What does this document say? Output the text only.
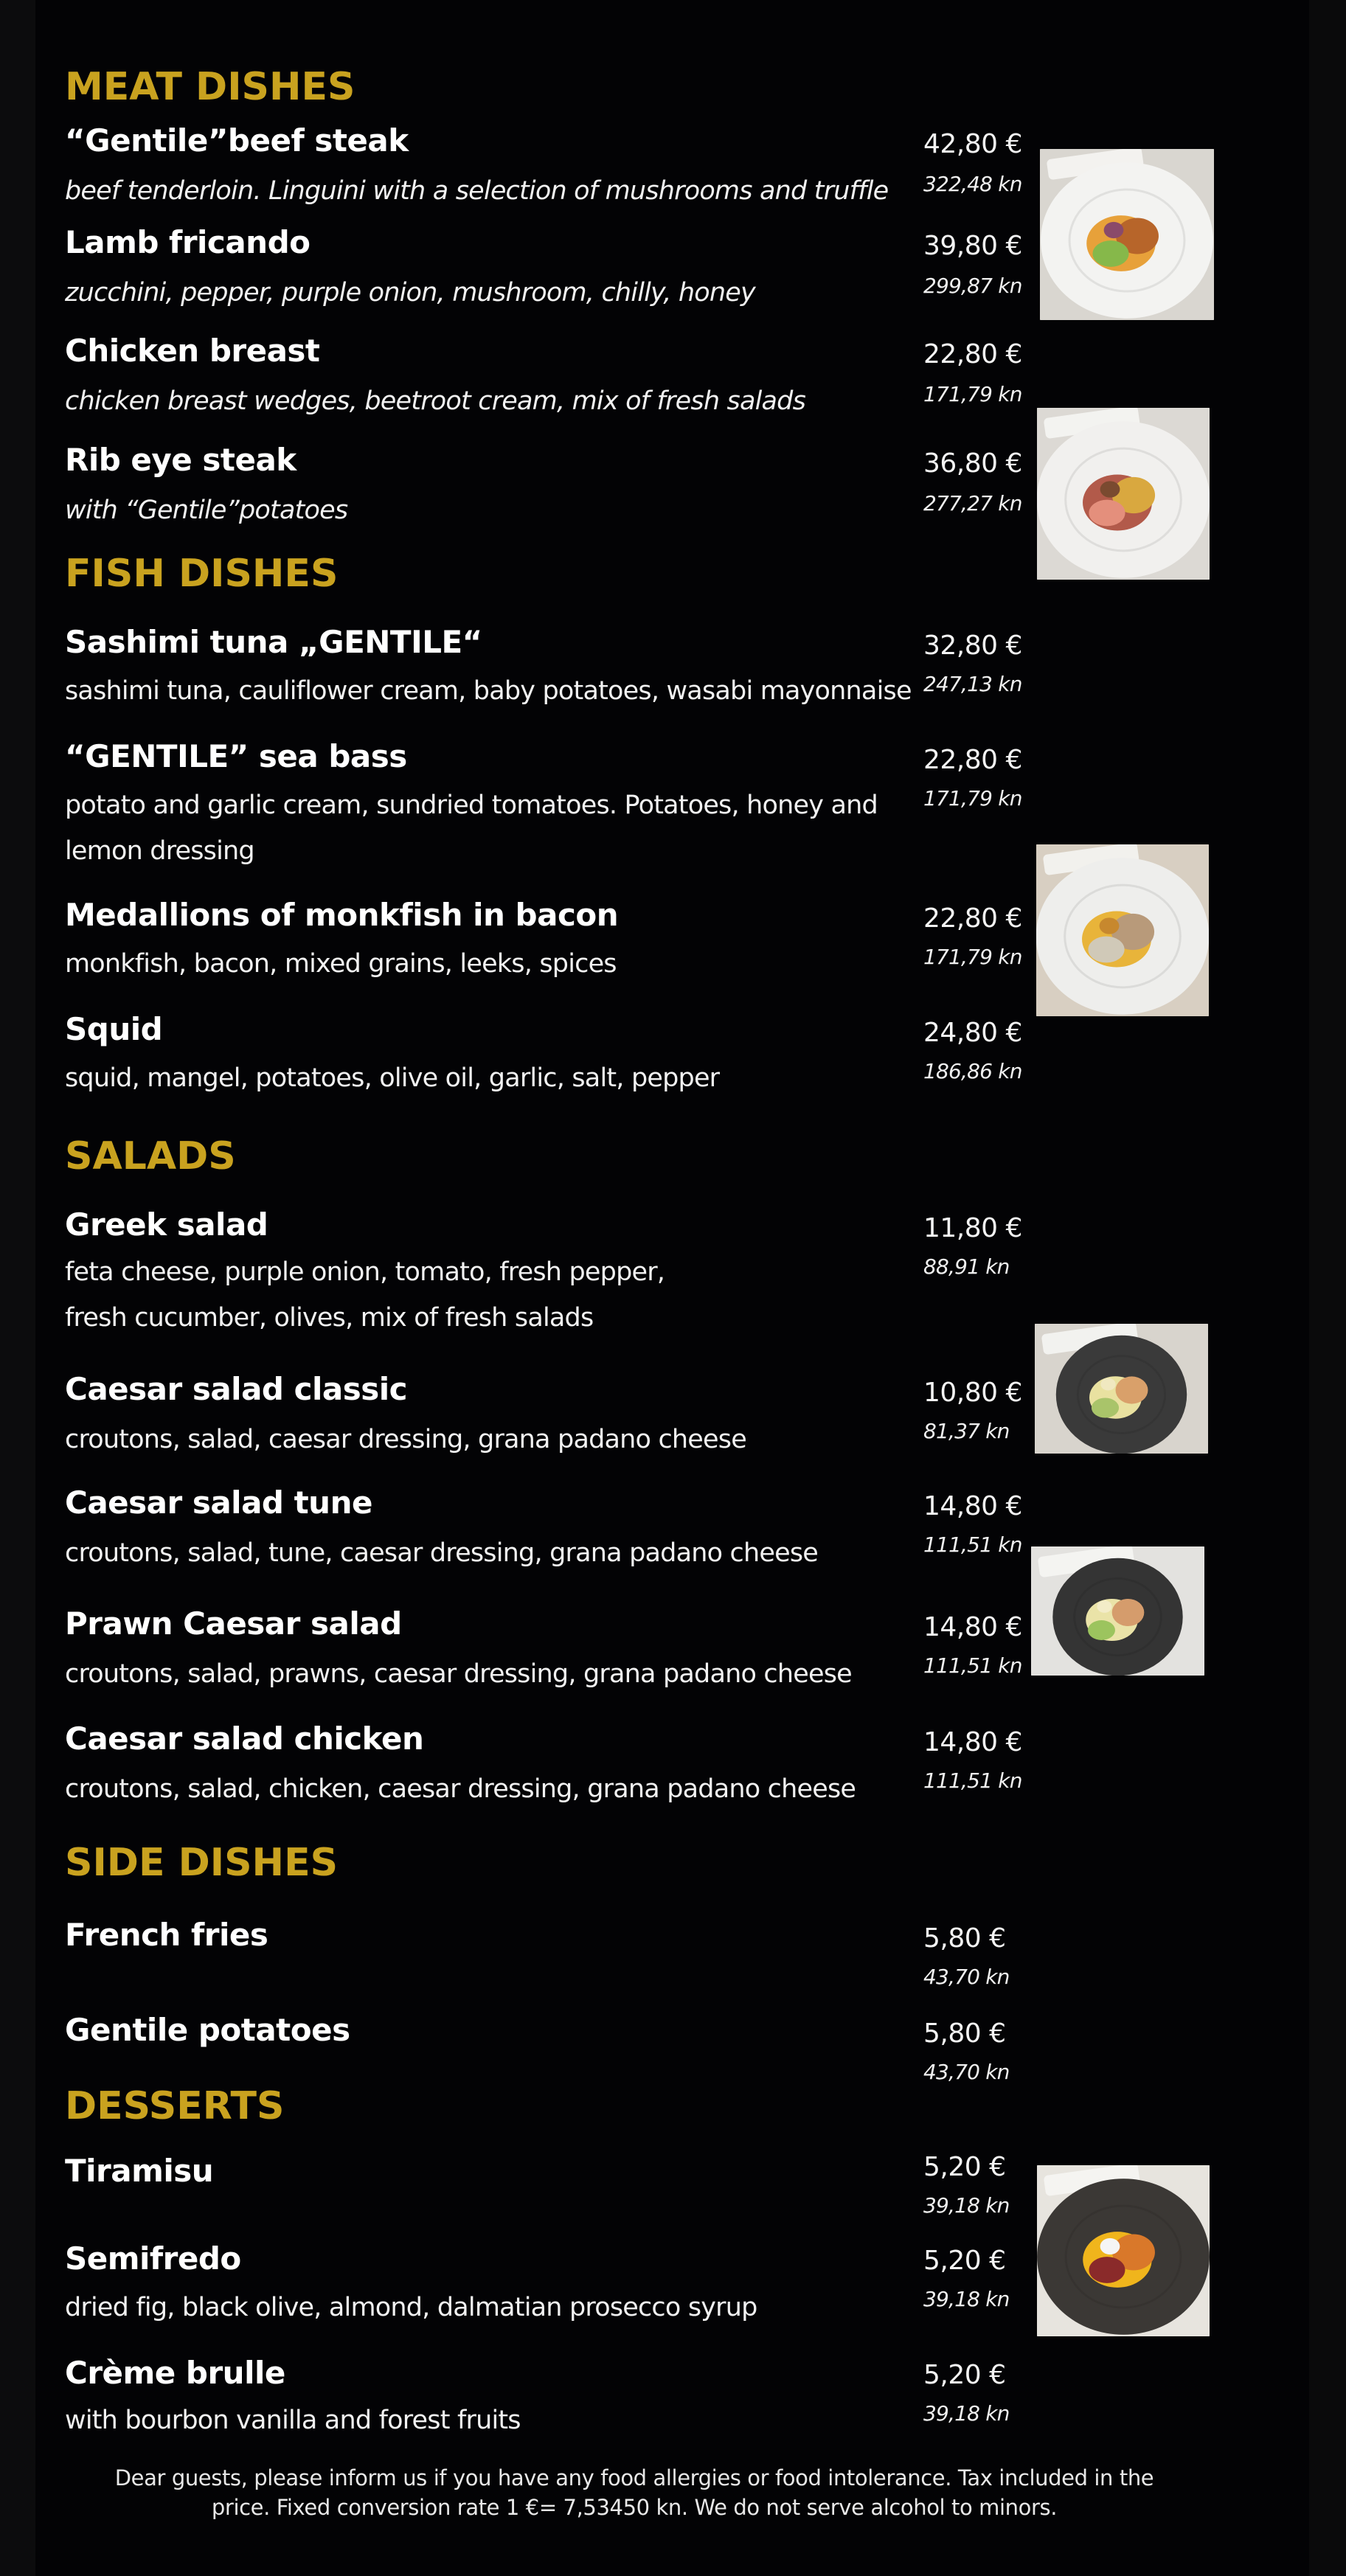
MEAT DISHES
“Gentile”beef steak
beef tenderloin. Linguini with a selection of mushrooms and truffle
42,80 €
322,48 kn
Lamb fricando
zucchini, pepper, purple onion, mushroom, chilly, honey
39,80 €
299,87 kn
Chicken breast
chicken breast wedges, beetroot cream, mix of fresh salads
22,80 €
171,79 kn
Rib eye steak
with “Gentile”potatoes
36,80 €
277,27 kn
FISH DISHES
Sashimi tuna „GENTILE“
sashimi tuna, cauliflower cream, baby potatoes, wasabi mayonnaise
32,80 €
247,13 kn
“GENTILE” sea bass
potato and garlic cream, sundried tomatoes. Potatoes, honey and
lemon dressing
22,80 €
171,79 kn
Medallions of monkfish in bacon
monkfish, bacon, mixed grains, leeks, spices
22,80 €
171,79 kn
Squid
squid, mangel, potatoes, olive oil, garlic, salt, pepper
24,80 €
186,86 kn
SALADS
Greek salad
feta cheese, purple onion, tomato, fresh pepper,
fresh cucumber, olives, mix of fresh salads
11,80 €
88,91 kn
Caesar salad classic
croutons, salad, caesar dressing, grana padano cheese
10,80 €
81,37 kn
Caesar salad tune
croutons, salad, tune, caesar dressing, grana padano cheese
14,80 €
111,51 kn
Prawn Caesar salad
croutons, salad, prawns, caesar dressing, grana padano cheese
14,80 €
111,51 kn
Caesar salad chicken
croutons, salad, chicken, caesar dressing, grana padano cheese
14,80 €
111,51 kn
SIDE DISHES
French fries	5,80 €
43,70 kn
Gentile potatoes	5,80 €
43,70 kn
DESSERTS
Tiramisu	5,20 €
39,18 kn
Semifredo
dried fig, black olive, almond, dalmatian prosecco syrup
5,20 €
39,18 kn
Crème brulle
with bourbon vanilla and forest fruits
5,20 €
39,18 kn
Dear guests, please inform us if you have any food allergies or food intolerance. Tax included in the
price. Fixed conversion rate 1 €= 7,53450 kn. We do not serve alcohol to minors.
